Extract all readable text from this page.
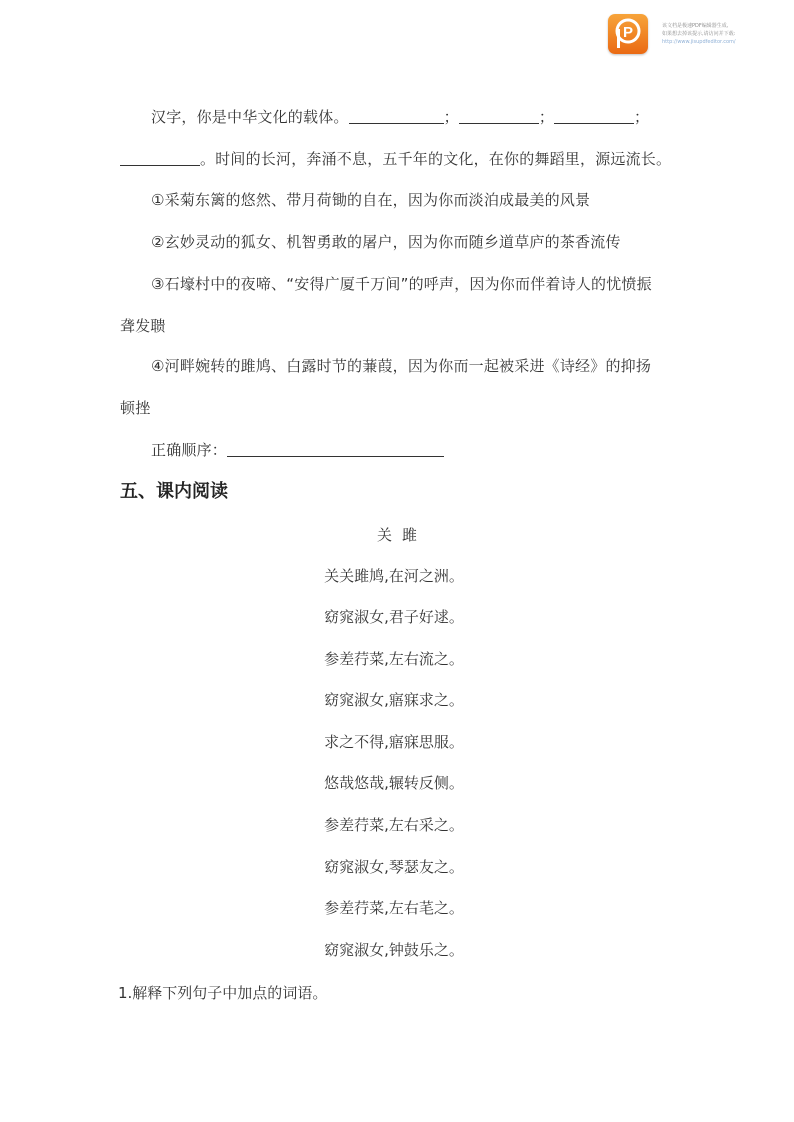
P	该文档是极速PDF编辑器生成,
如果想去掉该提示,请访问并下载:
http://www.jisupdfeditor.com/
汉字，你是中华文化的载体。	；	；	；
。时间的长河，奔涌不息，五千年的文化，在你的舞蹈里，源远流长。
①采菊东篱的悠然、带月荷锄的自在，因为你而淡泊成最美的风景
②玄妙灵动的狐女、机智勇敢的屠户，因为你而随乡道草庐的茶香流传
③石壕村中的夜啼、“安得广厦千万间”的呼声，因为你而伴着诗人的忧愤振
聋发聩
④河畔婉转的雎鸠、白露时节的蒹葭，因为你而一起被采进《诗经》的抑扬
顿挫
正确顺序：
五、课内阅读
关雎
关关雎鸠,在河之洲。
窈窕淑女,君子好逑。
参差荇菜,左右流之。
窈窕淑女,寤寐求之。
求之不得,寤寐思服。
悠哉悠哉,辗转反侧。
参差荇菜,左右采之。
窈窕淑女,琴瑟友之。
参差荇菜,左右芼之。
窈窕淑女,钟鼓乐之。
1.解释下列句子中加点的词语。
